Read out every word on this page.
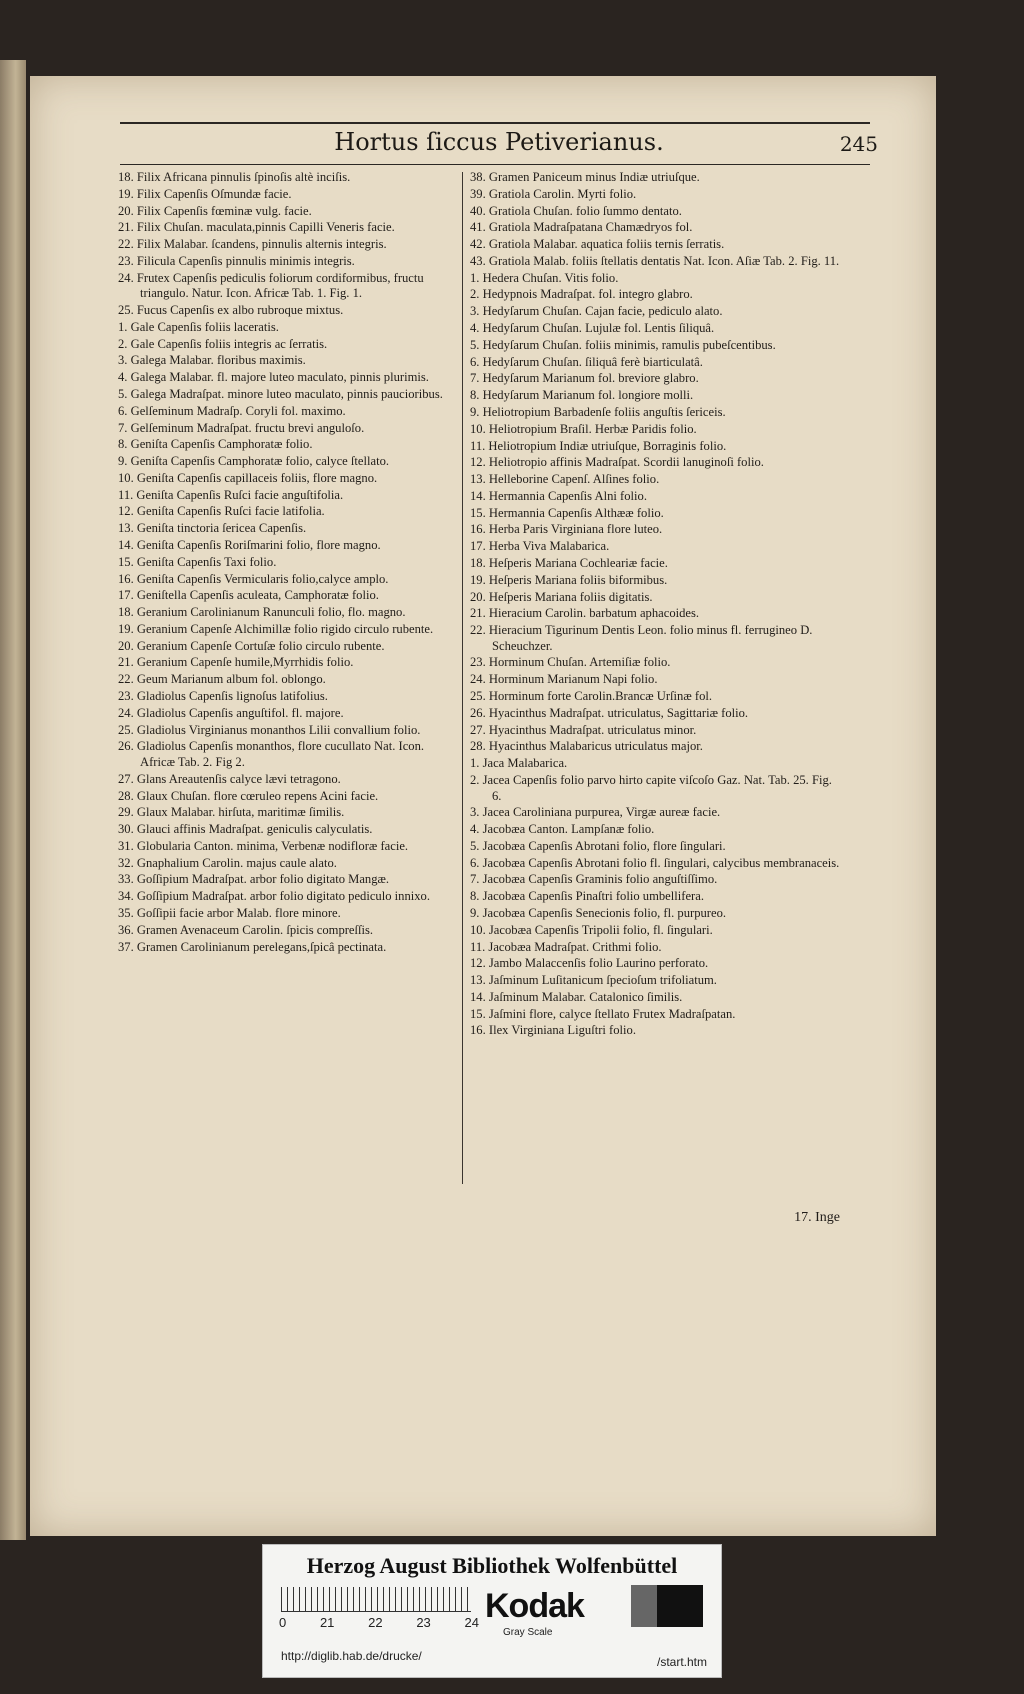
Hortus ſiccus Petiverianus.	245
18. Filix Africana pinnulis ſpinoſis altè inciſis.
19. Filix Capenſis Oſmundæ facie.
20. Filix Capenſis fœminæ vulg. facie.
21. Filix Chuſan. maculata,pinnis Capilli Veneris facie.
22. Filix Malabar. ſcandens, pinnulis alternis integris.
23. Filicula Capenſis pinnulis minimis integris.
24. Frutex Capenſis pediculis foliorum cordiformibus, fructu triangulo. Natur. Icon. Africæ Tab. 1. Fig. 1.
25. Fucus Capenſis ex albo rubroque mixtus.
1. Gale Capenſis foliis laceratis.
2. Gale Capenſis foliis integris ac ſerratis.
3. Galega Malabar. floribus maximis.
4. Galega Malabar. fl. majore luteo maculato, pinnis plurimis.
5. Galega Madraſpat. minore luteo maculato, pinnis paucioribus.
6. Gelſeminum Madraſp. Coryli fol. maximo.
7. Gelſeminum Madraſpat. fructu brevi anguloſo.
8. Geniſta Capenſis Camphoratæ folio.
9. Geniſta Capenſis Camphoratæ folio, calyce ſtellato.
10. Geniſta Capenſis capillaceis foliis, flore magno.
11. Geniſta Capenſis Ruſci facie anguſtifolia.
12. Geniſta Capenſis Ruſci facie latifolia.
13. Geniſta tinctoria ſericea Capenſis.
14. Geniſta Capenſis Roriſmarini folio, flore magno.
15. Geniſta Capenſis Taxi folio.
16. Geniſta Capenſis Vermicularis folio,calyce amplo.
17. Geniſtella Capenſis aculeata, Camphoratæ folio.
18. Geranium Carolinianum Ranunculi folio, flo. magno.
19. Geranium Capenſe Alchimillæ folio rigido circulo rubente.
20. Geranium Capenſe Cortuſæ folio circulo rubente.
21. Geranium Capenſe humile,Myrrhidis folio.
22. Geum Marianum album fol. oblongo.
23. Gladiolus Capenſis lignoſus latifolius.
24. Gladiolus Capenſis anguſtifol. fl. majore.
25. Gladiolus Virginianus monanthos Lilii convallium folio.
26. Gladiolus Capenſis monanthos, flore cucullato Nat. Icon. Africæ Tab. 2. Fig 2.
27. Glans Areautenſis calyce lævi tetragono.
28. Glaux Chuſan. flore cœruleo repens Acini facie.
29. Glaux Malabar. hirſuta, maritimæ ſimilis.
30. Glauci affinis Madraſpat. geniculis calyculatis.
31. Globularia Canton. minima, Verbenæ nodifloræ facie.
32. Gnaphalium Carolin. majus caule alato.
33. Goſſipium Madraſpat. arbor folio digitato Mangæ.
34. Goſſipium Madraſpat. arbor folio digitato pediculo innixo.
35. Goſſipii facie arbor Malab. flore minore.
36. Gramen Avenaceum Carolin. ſpicis compreſſis.
37. Gramen Carolinianum perelegans,ſpicâ pectinata.
38. Gramen Paniceum minus Indiæ utriuſque.
39. Gratiola Carolin. Myrti folio.
40. Gratiola Chuſan. folio ſummo dentato.
41. Gratiola Madraſpatana Chamædryos fol.
42. Gratiola Malabar. aquatica foliis ternis ſerratis.
43. Gratiola Malab. foliis ſtellatis dentatis Nat. Icon. Aſiæ Tab. 2. Fig. 11.
1. Hedera Chuſan. Vitis folio.
2. Hedypnois Madraſpat. fol. integro glabro.
3. Hedyſarum Chuſan. Cajan facie, pediculo alato.
4. Hedyſarum Chuſan. Lujulæ fol. Lentis ſiliquâ.
5. Hedyſarum Chuſan. foliis minimis, ramulis pubeſcentibus.
6. Hedyſarum Chuſan. ſiliquâ ferè biarticulatâ.
7. Hedyſarum Marianum fol. breviore glabro.
8. Hedyſarum Marianum fol. longiore molli.
9. Heliotropium Barbadenſe foliis anguſtis ſericeis.
10. Heliotropium Braſil. Herbæ Paridis folio.
11. Heliotropium Indiæ utriuſque, Borraginis folio.
12. Heliotropio affinis Madraſpat. Scordii lanuginoſi folio.
13. Helleborine Capenſ. Alſines folio.
14. Hermannia Capenſis Alni folio.
15. Hermannia Capenſis Althææ folio.
16. Herba Paris Virginiana flore luteo.
17. Herba Viva Malabarica.
18. Heſperis Mariana Cochleariæ facie.
19. Heſperis Mariana foliis biformibus.
20. Heſperis Mariana foliis digitatis.
21. Hieracium Carolin. barbatum aphacoides.
22. Hieracium Tigurinum Dentis Leon. folio minus fl. ferrugineo D. Scheuchzer.
23. Horminum Chuſan. Artemiſiæ folio.
24. Horminum Marianum Napi folio.
25. Horminum forte Carolin.Brancæ Urſinæ fol.
26. Hyacinthus Madraſpat. utriculatus, Sagittariæ folio.
27. Hyacinthus Madraſpat. utriculatus minor.
28. Hyacinthus Malabaricus utriculatus major.
1. Jaca Malabarica.
2. Jacea Capenſis folio parvo hirto capite viſcoſo Gaz. Nat. Tab. 25. Fig. 6.
3. Jacea Caroliniana purpurea, Virgæ aureæ facie.
4. Jacobæa Canton. Lampſanæ folio.
5. Jacobæa Capenſis Abrotani folio, flore ſingulari.
6. Jacobæa Capenſis Abrotani folio fl. ſingulari, calycibus membranaceis.
7. Jacobæa Capenſis Graminis folio anguſtiſſimo.
8. Jacobæa Capenſis Pinaſtri folio umbellifera.
9. Jacobæa Capenſis Senecionis folio, fl. purpureo.
10. Jacobæa Capenſis Tripolii folio, fl. ſingulari.
11. Jacobæa Madraſpat. Crithmi folio.
12. Jambo Malaccenſis folio Laurino perforato.
13. Jaſminum Luſitanicum ſpecioſum trifoliatum.
14. Jaſminum Malabar. Catalonico ſimilis.
15. Jaſmini flore, calyce ſtellato Frutex Madraſpatan.
16. Ilex Virginiana Liguſtri folio.
17. Inge
Herzog August Bibliothek Wolfenbüttel
0	21	22	23	24 Kodak
Gray Scale
http://diglib.hab.de/drucke/	/start.htm
